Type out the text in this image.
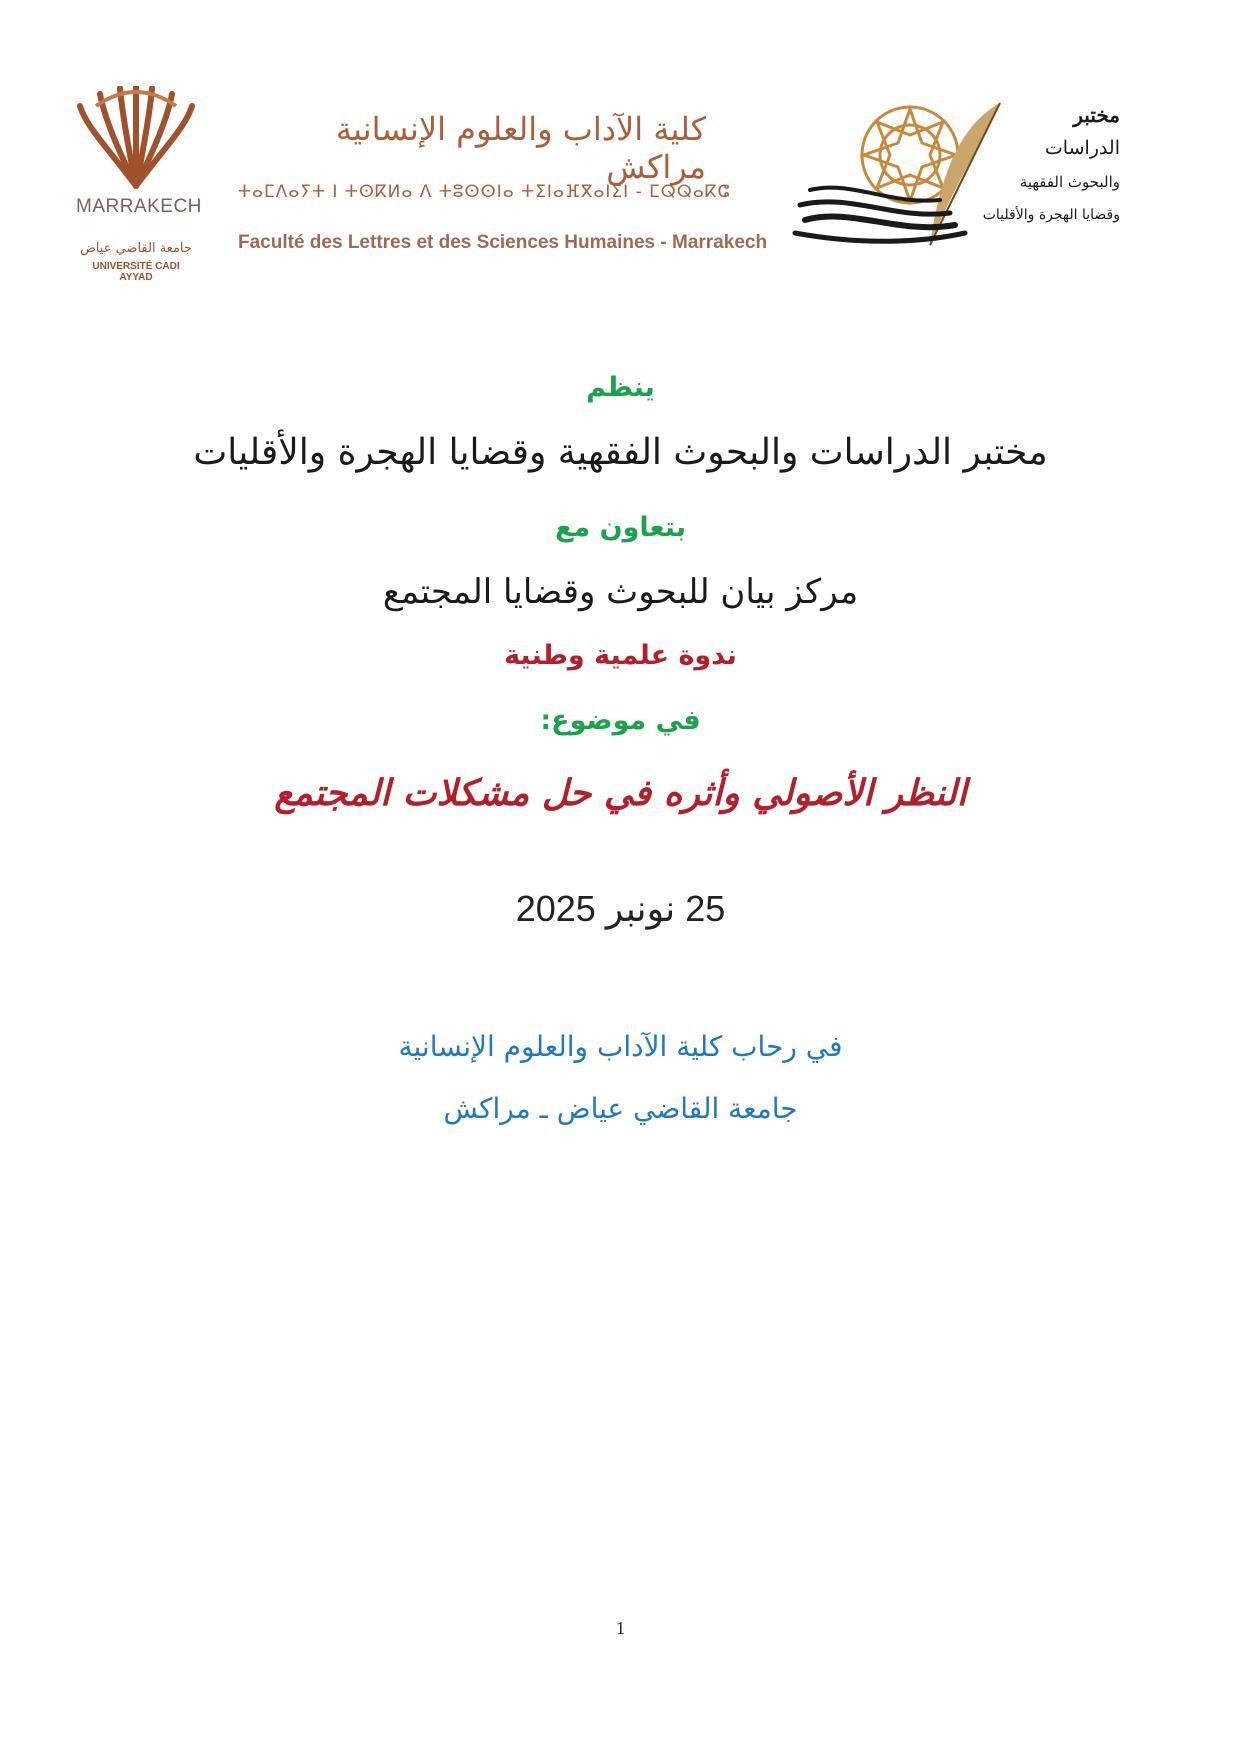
MARRAKECH
جامعة القاضي عياض
UNIVERSITÉ CADI AYYAD
كلية الآداب والعلوم الإنسانية مراكش
ⵜⴰⵎⴷⴰⵢⵜ ⵏ ⵜⵙⴽⵍⴰ ⴷ ⵜⵓⵙⵙⵏⴰ ⵜⵉⵏⴰⴼⴳⴰⵏⵉⵏ - ⵎⵕⵕⴰⴽⵛ
Faculté des Lettres et des Sciences Humaines - Marrakech
مختبر
الدراسات
والبحوث الفقهية
وقضايا الهجرة والأقليات
ينظم
مختبر الدراسات والبحوث الفقهية وقضايا الهجرة والأقليات
بتعاون مع
مركز بيان للبحوث وقضايا المجتمع
ندوة علمية وطنية
في موضوع:
النظر الأصولي وأثره في حل مشكلات المجتمع
25 نونبر 2025
في رحاب كلية الآداب والعلوم الإنسانية
جامعة القاضي عياض ـ مراكش
1
